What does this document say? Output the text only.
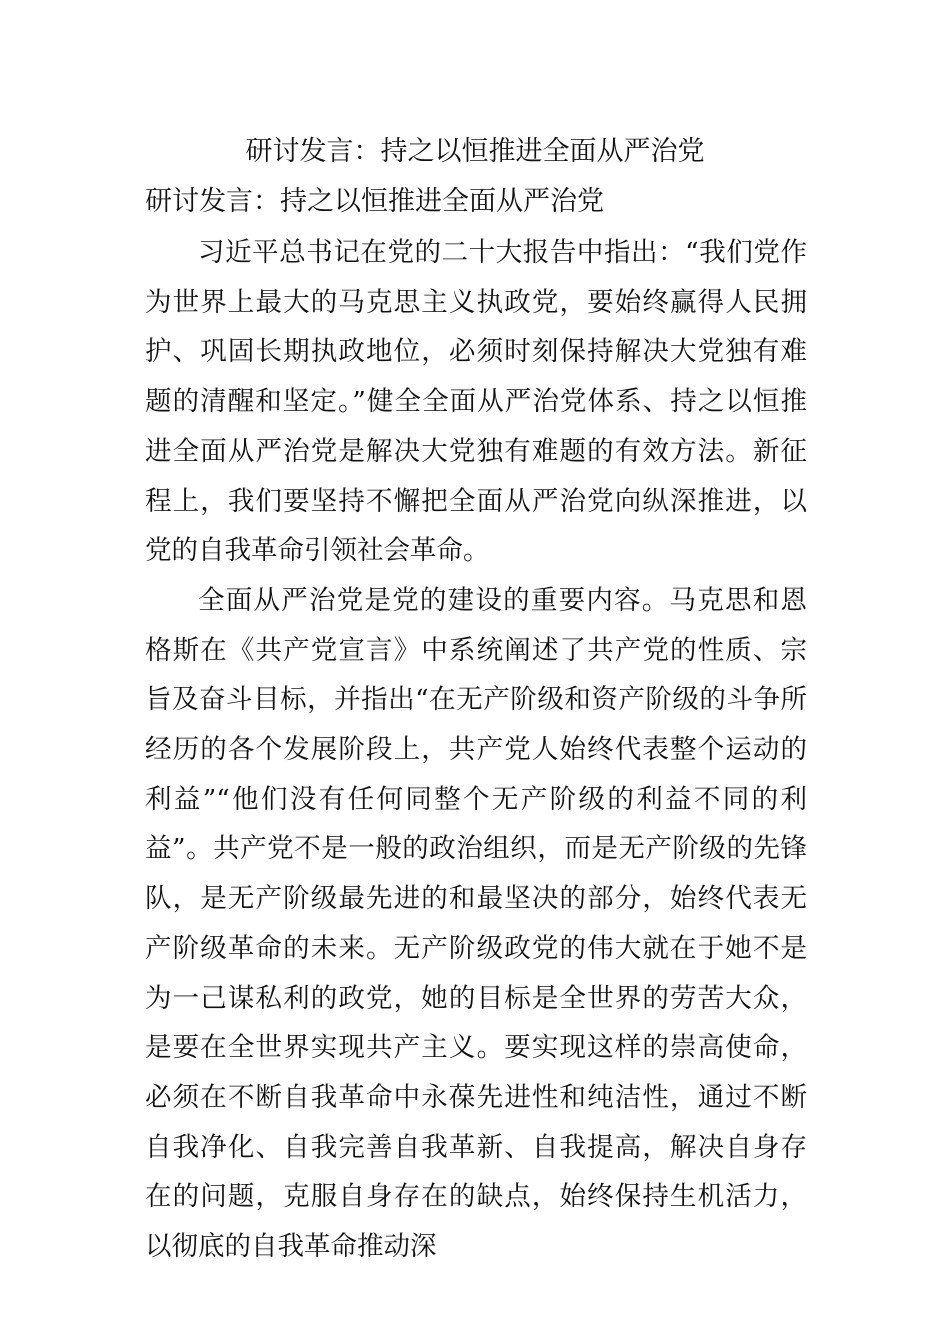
研讨发言：持之以恒推进全面从严治党
研讨发言：持之以恒推进全面从严治党

习近平总书记在党的二十大报告中指出：“我们党作为世界上最大的马克思主义执政党，要始终赢得人民拥护、巩固长期执政地位，必须时刻保持解决大党独有难题的清醒和坚定。”健全全面从严治党体系、持之以恒推进全面从严治党是解决大党独有难题的有效方法。新征程上，我们要坚持不懈把全面从严治党向纵深推进，以党的自我革命引领社会革命。

全面从严治党是党的建设的重要内容。马克思和恩格斯在《共产党宣言》中系统阐述了共产党的性质、宗旨及奋斗目标，并指出“在无产阶级和资产阶级的斗争所经历的各个发展阶段上，共产党人始终代表整个运动的利益”“他们没有任何同整个无产阶级的利益不同的利益”。共产党不是一般的政治组织，而是无产阶级的先锋队，是无产阶级最先进的和最坚决的部分，始终代表无产阶级革命的未来。无产阶级政党的伟大就在于她不是为一己谋私利的政党，她的目标是全世界的劳苦大众，是要在全世界实现共产主义。要实现这样的崇高使命，必须在不断自我革命中永葆先进性和纯洁性，通过不断自我净化、自我完善自我革新、自我提高，解决自身存在的问题，克服自身存在的缺点，始终保持生机活力，以彻底的自我革命推动深
